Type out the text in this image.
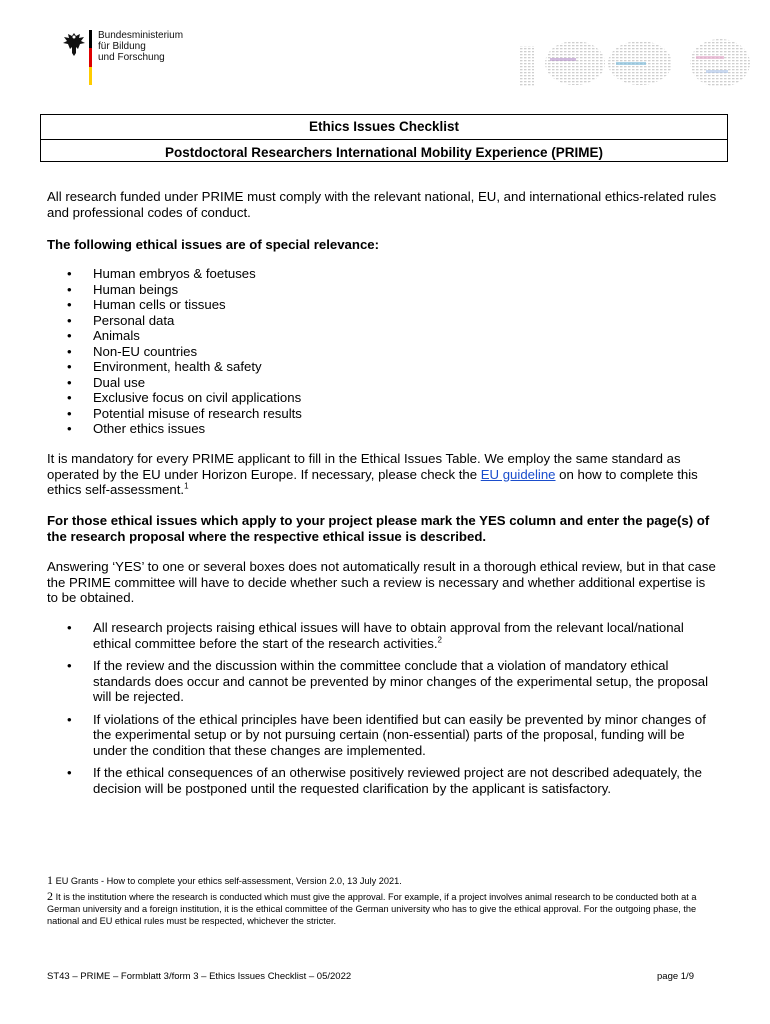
Bundesministerium
für Bildung
und Forschung
Ethics Issues Checklist
Postdoctoral Researchers International Mobility Experience (PRIME)
All research funded under PRIME must comply with the relevant national, EU, and international ethics-related rules and professional codes of conduct.
The following ethical issues are of special relevance:
• Human embryos & foetuses
• Human beings
• Human cells or tissues
• Personal data
• Animals
• Non-EU countries
• Environment, health & safety
• Dual use
• Exclusive focus on civil applications
• Potential misuse of research results
• Other ethics issues
It is mandatory for every PRIME applicant to fill in the Ethical Issues Table. We employ the same standard as operated by the EU under Horizon Europe. If necessary, please check the EU guideline on how to complete this ethics self-assessment.$^1$
For those ethical issues which apply to your project please mark the YES column and enter the page(s) of the research proposal where the respective ethical issue is described.
Answering ‘YES’ to one or several boxes does not automatically result in a thorough ethical review, but in that case the PRIME committee will have to decide whether such a review is necessary and whether additional expertise is to be obtained.
• All research projects raising ethical issues will have to obtain approval from the relevant local/national ethical committee before the start of the research activities.$^2$
• If the review and the discussion within the committee conclude that a violation of mandatory ethical standards does occur and cannot be prevented by minor changes of the experimental setup, the proposal will be rejected.
• If violations of the ethical principles have been identified but can easily be prevented by minor changes of the experimental setup or by not pursuing certain (non-essential) parts of the proposal, funding will be under the condition that these changes are implemented.
• If the ethical consequences of an otherwise positively reviewed project are not described adequately, the decision will be postponed until the requested clarification by the applicant is satisfactory.
1 EU Grants - How to complete your ethics self-assessment, Version 2.0, 13 July 2021.
2 It is the institution where the research is conducted which must give the approval. For example, if a project involves animal research to be conducted both at a German university and a foreign institution, it is the ethical committee of the German university who has to give the ethical approval. For the outgoing phase, the national and EU ethical rules must be respected, whichever the stricter.
ST43 – PRIME – Formblatt 3/form 3 – Ethics Issues Checklist – 05/2022	page 1/9
